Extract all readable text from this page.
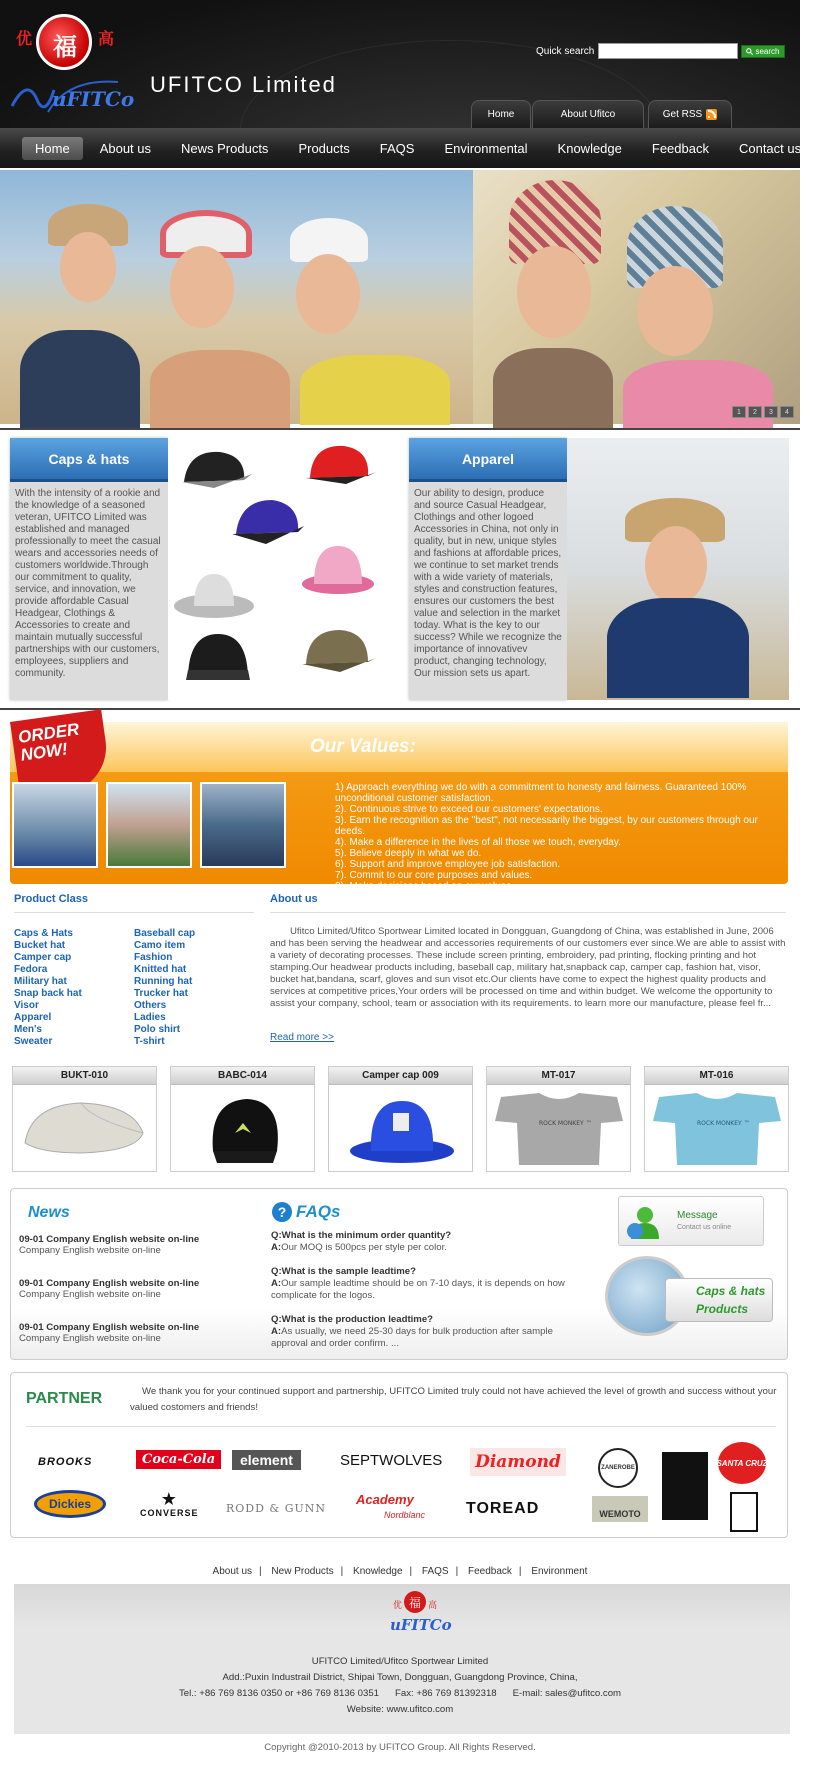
优 福 高
uFITCo
UFITCO Limited
Quick search	search
Home	About Ufitco	Get RSS
Home	About us	News Products	Products	FAQS	Environmental	Knowledge	Feedback	Contact us
1	2	3	4
Caps & hats
With the intensity of a rookie and the knowledge of a seasoned veteran, UFITCO Limited was established and managed professionally to meet the casual wears and accessories needs of customers worldwide.Through our commitment to quality, service, and innovation, we provide affordable Casual Headgear, Clothings & Accessories to create and maintain mutually successful partnerships with our customers, employees, suppliers and community.
Apparel
Our ability to design, produce and source Casual Headgear, Clothings and other logoed Accessories in China, not only in quality, but in new, unique styles and fashions at affordable prices, we continue to set market trends with a wide variety of materials, styles and construction features, ensures our customers the best value and selection in the market today. What is the key to our success? While we recognize the importance of innovativev product, changing technology, Our mission sets us apart.
Our Values:
ORDER
NOW!
1) Approach everything we do with a commitment to honesty and fairness. Guaranteed 100% unconditional customer satisfaction.
2). Continuous strive to exceed our customers' expectations.
3). Earn the recognition as the "best", not necessarily the biggest, by our customers through our deeds.
4). Make a difference in the lives of all those we touch, everyday.
5). Believe deeply in what we do.
6). Support and improve employee job satisfaction.
7). Commit to our core purposes and values.
8). Make decisions based on our values.
Product Class
Caps & Hats
Bucket hat
Camper cap
Fedora
Military hat
Snap back hat
Visor
Apparel
Men's
Sweater
Baseball cap
Camo item
Fashion
Knitted hat
Running hat
Trucker hat
Others
Ladies
Polo shirt
T-shirt
About us
Ufitco Limited/Ufitco Sportwear Limited located in Dongguan, Guangdong of China, was established in June, 2006 and has been serving the headwear and accessories requirements of our customers ever since.We are able to assist with a variety of decorating processes. These include screen printing, embroidery, pad printing, flocking printing and hot stamping.Our headwear products including, baseball cap, military hat,snapback cap, camper cap, fashion hat, visor, bucket hat,bandana, scarf, gloves and sun visot etc.Our clients have come to expect the highest quality products and services at competitive prices,Your orders will be processed on time and within budget. We welcome the opportunity to assist your company, school, team or association with its requirements. to learn more our manufacture, please feel fr...
Read more >>
BUKT-010	BABC-014	Camper cap 009	MT-017
ROCK MONKEY ™
MT-016
ROCK MONKEY ™
News
09-01 Company English website on-line
Company English website on-line
09-01 Company English website on-line
Company English website on-line
09-01 Company English website on-line
Company English website on-line
? FAQs
Q:What is the minimum order quantity?
A:Our MOQ is 500pcs per style per color.
Q:What is the sample leadtime?
A:Our sample leadtime should be on 7-10 days, it is depends on how complicate for the logos.
Q:What is the production leadtime?
A:As usually, we need 25-30 days for bulk production after sample approval and order confirm. ...
Message
Contact us online
Caps & hats
Products
PARTNER	We thank you for your continued support and partnership, UFITCO Limited truly could not have achieved the level of growth and success without your valued costomers and friends!
BROOKS	Coca-Cola	element	SEPTWOLVES Diamond	ZANEROBE
SANTA CRUZ
Dickies	★
CONVERSE RODD & GUNN
Academy
Nordblanc	TOREAD	WEMOTO
About us | New Products | Knowledge | FAQS | Feedback | Environment
福
优	高
uFITCo
UFITCO Limited/Ufitco Sportwear Limited
Add.:Puxin Industrail District, Shipai Town, Dongguan, Guangdong Province, China,
Tel.: +86 769 8136 0350 or +86 769 8136 0351 Fax: +86 769 81392318 E-mail: sales@ufitco.com
Website: www.ufitco.com
Copyright @2010-2013 by UFITCO Group. All Rights Reserved.
